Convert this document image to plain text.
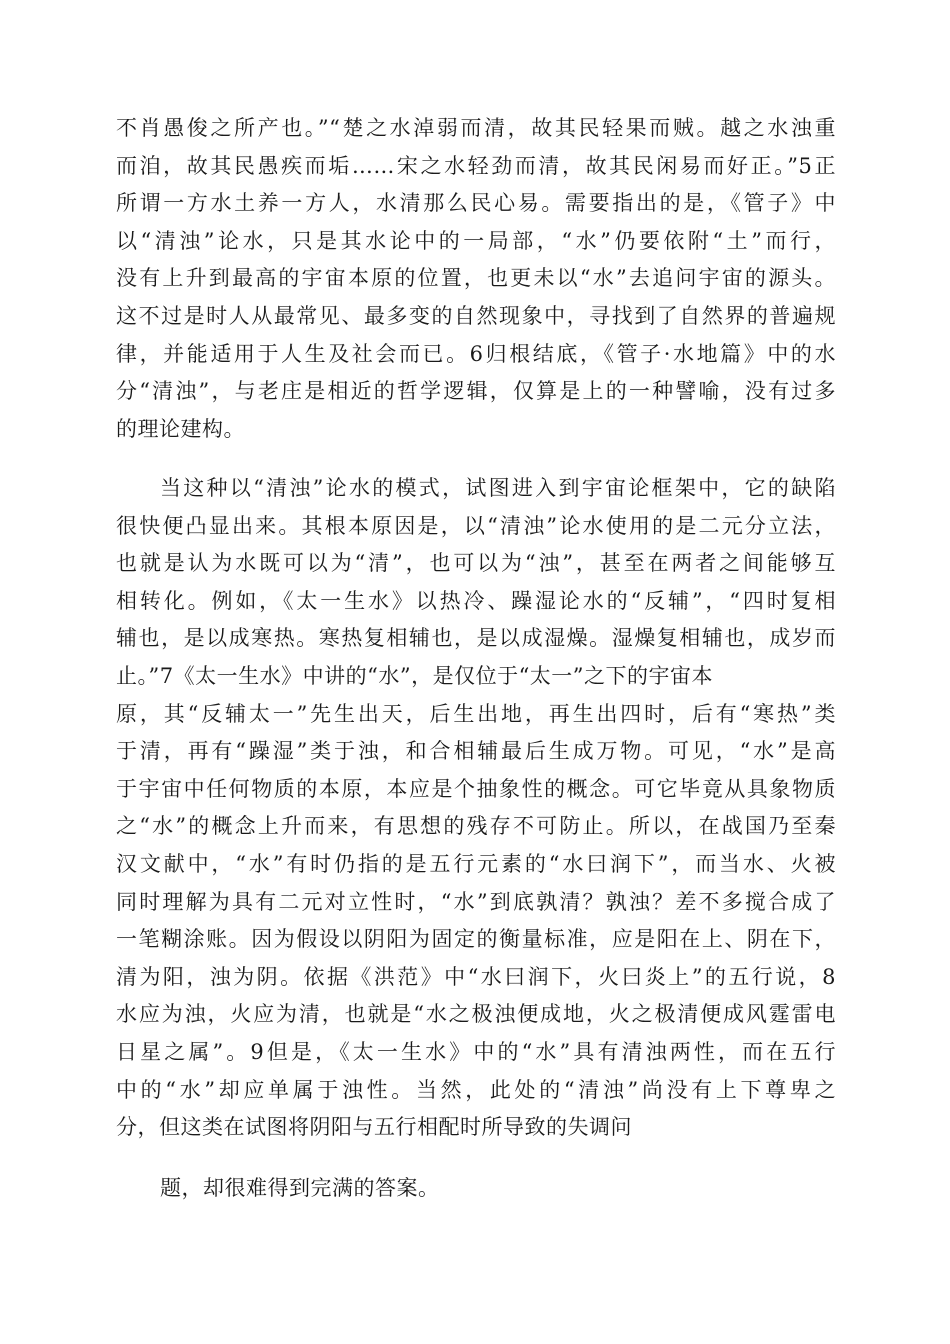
不肖愚俊之所产也。”“楚之水淖弱而清，故其民轻果而贼。越之水浊重
而洎，故其民愚疾而垢……宋之水轻劲而清，故其民闲易而好正。”5正
所谓一方水土养一方人，水清那么民心易。需要指出的是，《管子》中
以“清浊”论水，只是其水论中的一局部，“水”仍要依附“土”而行，
没有上升到最高的宇宙本原的位置，也更未以“水”去追问宇宙的源头。
这不过是时人从最常见、最多变的自然现象中，寻找到了自然界的普遍规
律，并能适用于人生及社会而已。6归根结底，《管子·水地篇》中的水
分“清浊”，与老庄是相近的哲学逻辑，仅算是上的一种譬喻，没有过多
的理论建构。
当这种以“清浊”论水的模式，试图进入到宇宙论框架中，它的缺陷
很快便凸显出来。其根本原因是，以“清浊”论水使用的是二元分立法，
也就是认为水既可以为“清”，也可以为“浊”，甚至在两者之间能够互
相转化。例如，《太一生水》以热冷、躁湿论水的“反辅”，“四时复相
辅也，是以成寒热。寒热复相辅也，是以成湿燥。湿燥复相辅也，成岁而
止。”7《太一生水》中讲的“水”，是仅位于“太一”之下的宇宙本
原，其“反辅太一”先生出天，后生出地，再生出四时，后有“寒热”类
于清，再有“躁湿”类于浊，和合相辅最后生成万物。可见，“水”是高
于宇宙中任何物质的本原，本应是个抽象性的概念。可它毕竟从具象物质
之“水”的概念上升而来，有思想的残存不可防止。所以，在战国乃至秦
汉文献中，“水”有时仍指的是五行元素的“水曰润下”，而当水、火被
同时理解为具有二元对立性时，“水”到底孰清？孰浊？差不多搅合成了
一笔糊涂账。因为假设以阴阳为固定的衡量标准，应是阳在上、阴在下，
清为阳，浊为阴。依据《洪范》中“水曰润下，火曰炎上”的五行说，8
水应为浊，火应为清，也就是“水之极浊便成地，火之极清便成风霆雷电
日星之属”。9但是，《太一生水》中的“水”具有清浊两性，而在五行
中的“水”却应单属于浊性。当然，此处的“清浊”尚没有上下尊卑之
分，但这类在试图将阴阳与五行相配时所导致的失调问
题，却很难得到完满的答案。
